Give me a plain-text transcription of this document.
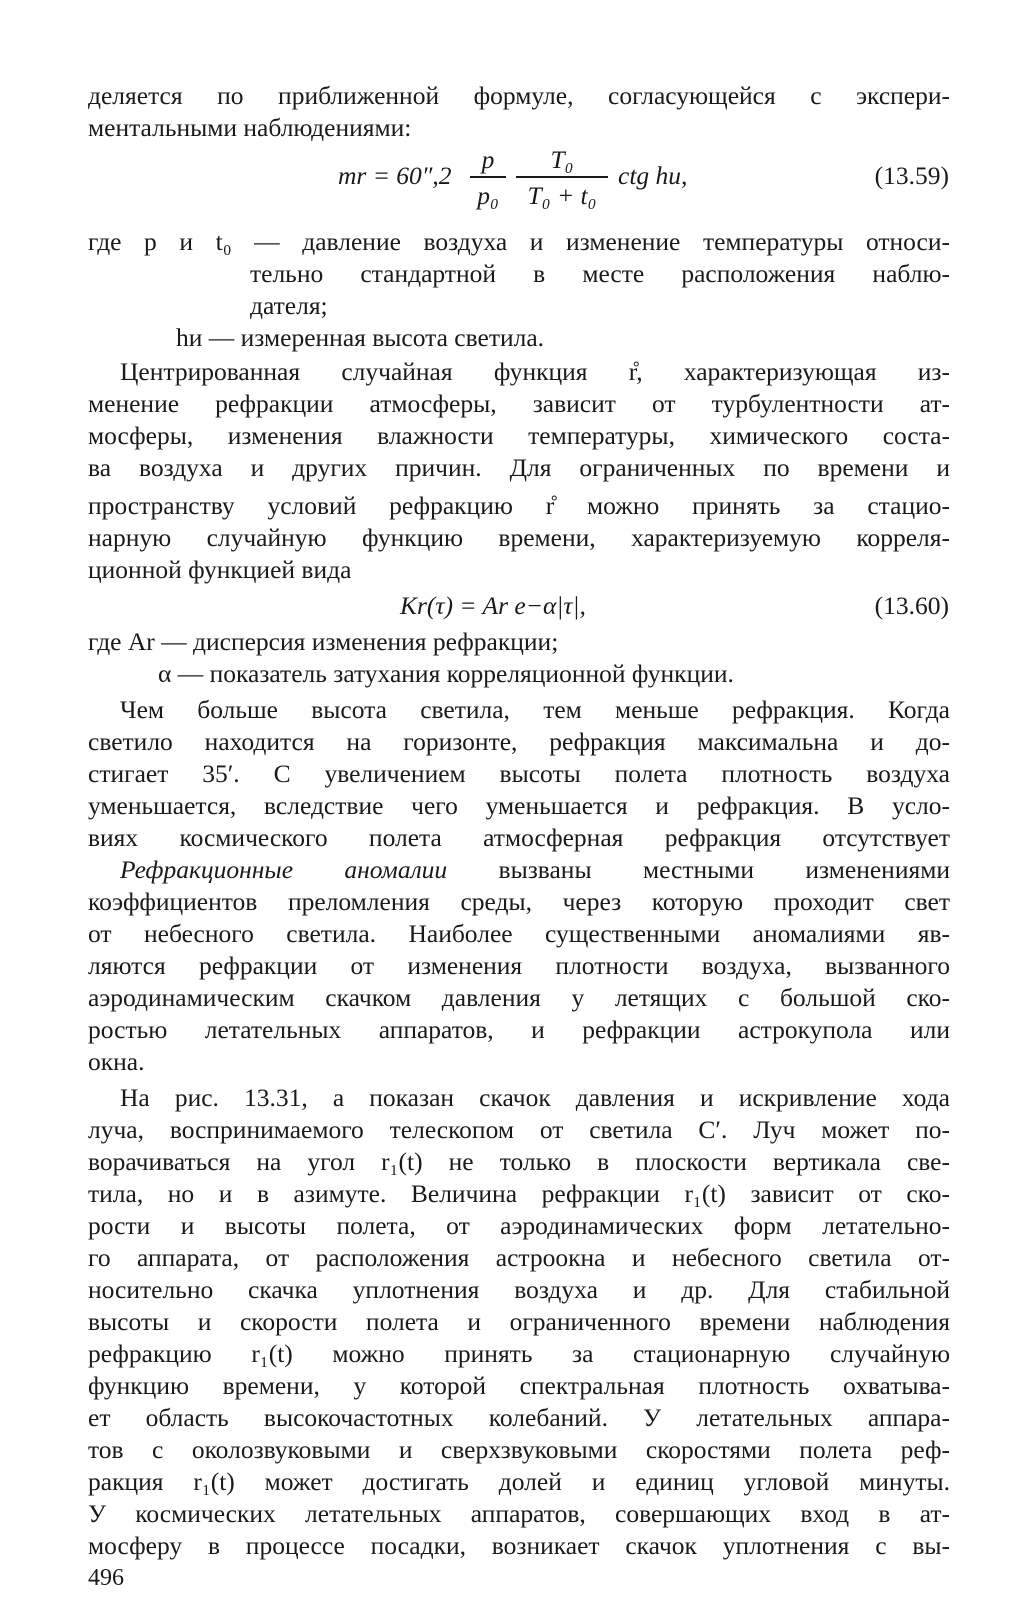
деляется по приближенной формуле, согласующейся с экспери-
ментальными наблюдениями:
mr = 60″,2
p
p₀
T₀
T₀ + t₀
ctg hи,	(13.59)
где p и t₀ — давление воздуха и изменение температуры относи-
тельно стандартной в месте расположения наблю-
дателя;
hи — измеренная высота светила.
Центрированная случайная функция r̊, характеризующая из-
менение рефракции атмосферы, зависит от турбулентности ат-
мосферы, изменения влажности температуры, химического соста-
ва воздуха и других причин. Для ограниченных по времени и
пространству условий рефракцию r̊ можно принять за стацио-
нарную случайную функцию времени, характеризуемую корреля-
ционной функцией вида
Kr(τ) = Ar e−α|τ|,	(13.60)
где Ar — дисперсия изменения рефракции;
α — показатель затухания корреляционной функции.
Чем больше высота светила, тем меньше рефракция. Когда
светило находится на горизонте, рефракция максимальна и до-
стигает 35′. С увеличением высоты полета плотность воздуха
уменьшается, вследствие чего уменьшается и рефракция. В усло-
виях космического полета атмосферная рефракция отсутствует
Рефракционные аномалии вызваны местными изменениями
коэффициентов преломления среды, через которую проходит свет
от небесного светила. Наиболее существенными аномалиями яв-
ляются рефракции от изменения плотности воздуха, вызванного
аэродинамическим скачком давления у летящих с большой ско-
ростью летательных аппаратов, и рефракции астрокупола или
окна.
На рис. 13.31, а показан скачок давления и искривление хода
луча, воспринимаемого телескопом от светила C′. Луч может по-
ворачиваться на угол r₁(t) не только в плоскости вертикала све-
тила, но и в азимуте. Величина рефракции r₁(t) зависит от ско-
рости и высоты полета, от аэродинамических форм летательно-
го аппарата, от расположения астроокна и небесного светила от-
носительно скачка уплотнения воздуха и др. Для стабильной
высоты и скорости полета и ограниченного времени наблюдения
рефракцию r₁(t) можно принять за стационарную случайную
функцию времени, у которой спектральная плотность охватыва-
ет область высокочастотных колебаний. У летательных аппара-
тов с околозвуковыми и сверхзвуковыми скоростями полета реф-
ракция r₁(t) может достигать долей и единиц угловой минуты.
У космических летательных аппаратов, совершающих вход в ат-
мосферу в процессе посадки, возникает скачок уплотнения с вы-
496
